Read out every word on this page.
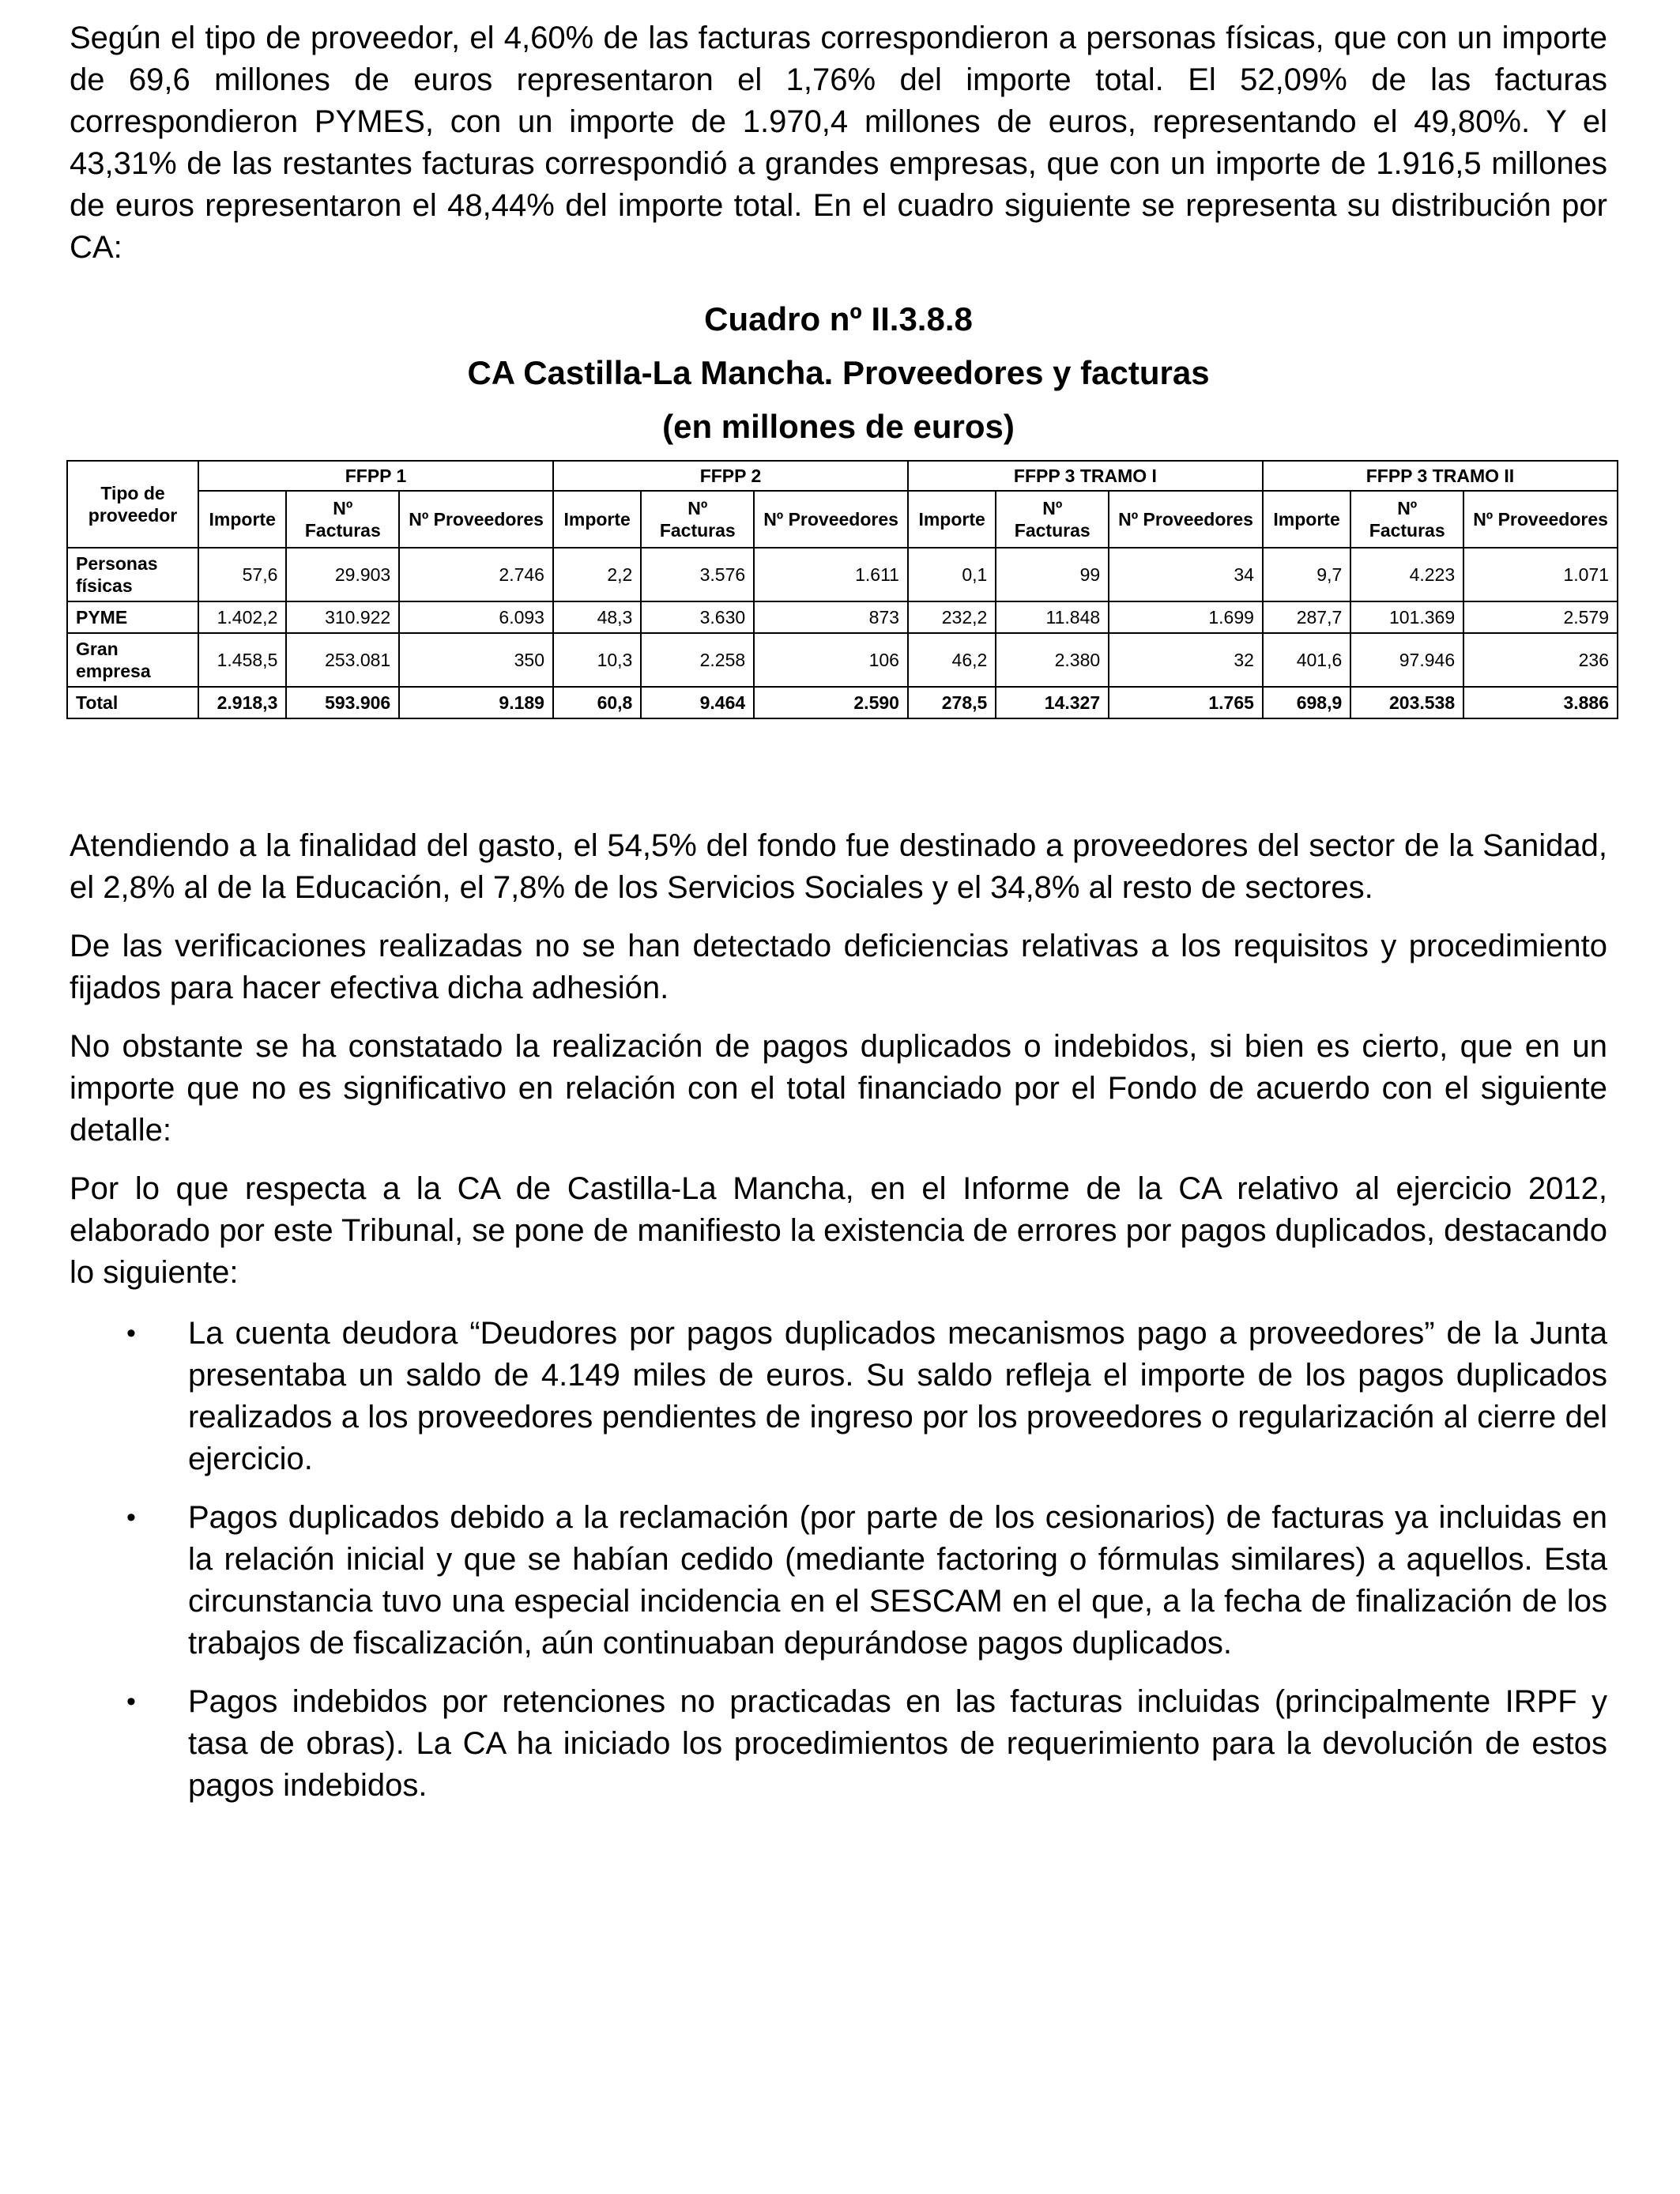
Según el tipo de proveedor, el 4,60% de las facturas correspondieron a personas físicas, que con un importe de 69,6 millones de euros representaron el 1,76% del importe total. El 52,09% de las facturas correspondieron PYMES, con un importe de 1.970,4 millones de euros, representando el 49,80%. Y el 43,31% de las restantes facturas correspondió a grandes empresas, que con un importe de 1.916,5 millones de euros representaron el 48,44% del importe total. En el cuadro siguiente se representa su distribución por CA:

Cuadro nº II.3.8.8
CA Castilla-La Mancha. Proveedores y facturas
(en millones de euros)
Tipo de proveedor	FFPP 1			FFPP 2			FFPP 3 TRAMO I			FFPP 3 TRAMO II		
	Importe	Nº Facturas	Nº Proveedores	Importe	Nº Facturas	Nº Proveedores	Importe	Nº Facturas	Nº Proveedores	Importe	Nº Facturas	Nº Proveedores
Personas físicas	57,6	29.903	2.746	2,2	3.576	1.611	0,1	99	34	9,7	4.223	1.071
PYME	1.402,2	310.922	6.093	48,3	3.630	873	232,2	11.848	1.699	287,7	101.369	2.579
Gran empresa	1.458,5	253.081	350	10,3	2.258	106	46,2	2.380	32	401,6	97.946	236
Total	2.918,3	593.906	9.189	60,8	9.464	2.590	278,5	14.327	1.765	698,9	203.538	3.886

Atendiendo a la finalidad del gasto, el 54,5% del fondo fue destinado a proveedores del sector de la Sanidad, el 2,8% al de la Educación, el 7,8% de los Servicios Sociales y el 34,8% al resto de sectores.

De las verificaciones realizadas no se han detectado deficiencias relativas a los requisitos y procedimiento fijados para hacer efectiva dicha adhesión.

No obstante se ha constatado la realización de pagos duplicados o indebidos, si bien es cierto, que en un importe que no es significativo en relación con el total financiado por el Fondo de acuerdo con el siguiente detalle:

Por lo que respecta a la CA de Castilla-La Mancha, en el Informe de la CA relativo al ejercicio 2012, elaborado por este Tribunal, se pone de manifiesto la existencia de errores por pagos duplicados, destacando lo siguiente:

• La cuenta deudora “Deudores por pagos duplicados mecanismos pago a proveedores” de la Junta presentaba un saldo de 4.149 miles de euros. Su saldo refleja el importe de los pagos duplicados realizados a los proveedores pendientes de ingreso por los proveedores o regularización al cierre del ejercicio.
• Pagos duplicados debido a la reclamación (por parte de los cesionarios) de facturas ya incluidas en la relación inicial y que se habían cedido (mediante factoring o fórmulas similares) a aquellos. Esta circunstancia tuvo una especial incidencia en el SESCAM en el que, a la fecha de finalización de los trabajos de fiscalización, aún continuaban depurándose pagos duplicados.
• Pagos indebidos por retenciones no practicadas en las facturas incluidas (principalmente IRPF y tasa de obras). La CA ha iniciado los procedimientos de requerimiento para la devolución de estos pagos indebidos.
